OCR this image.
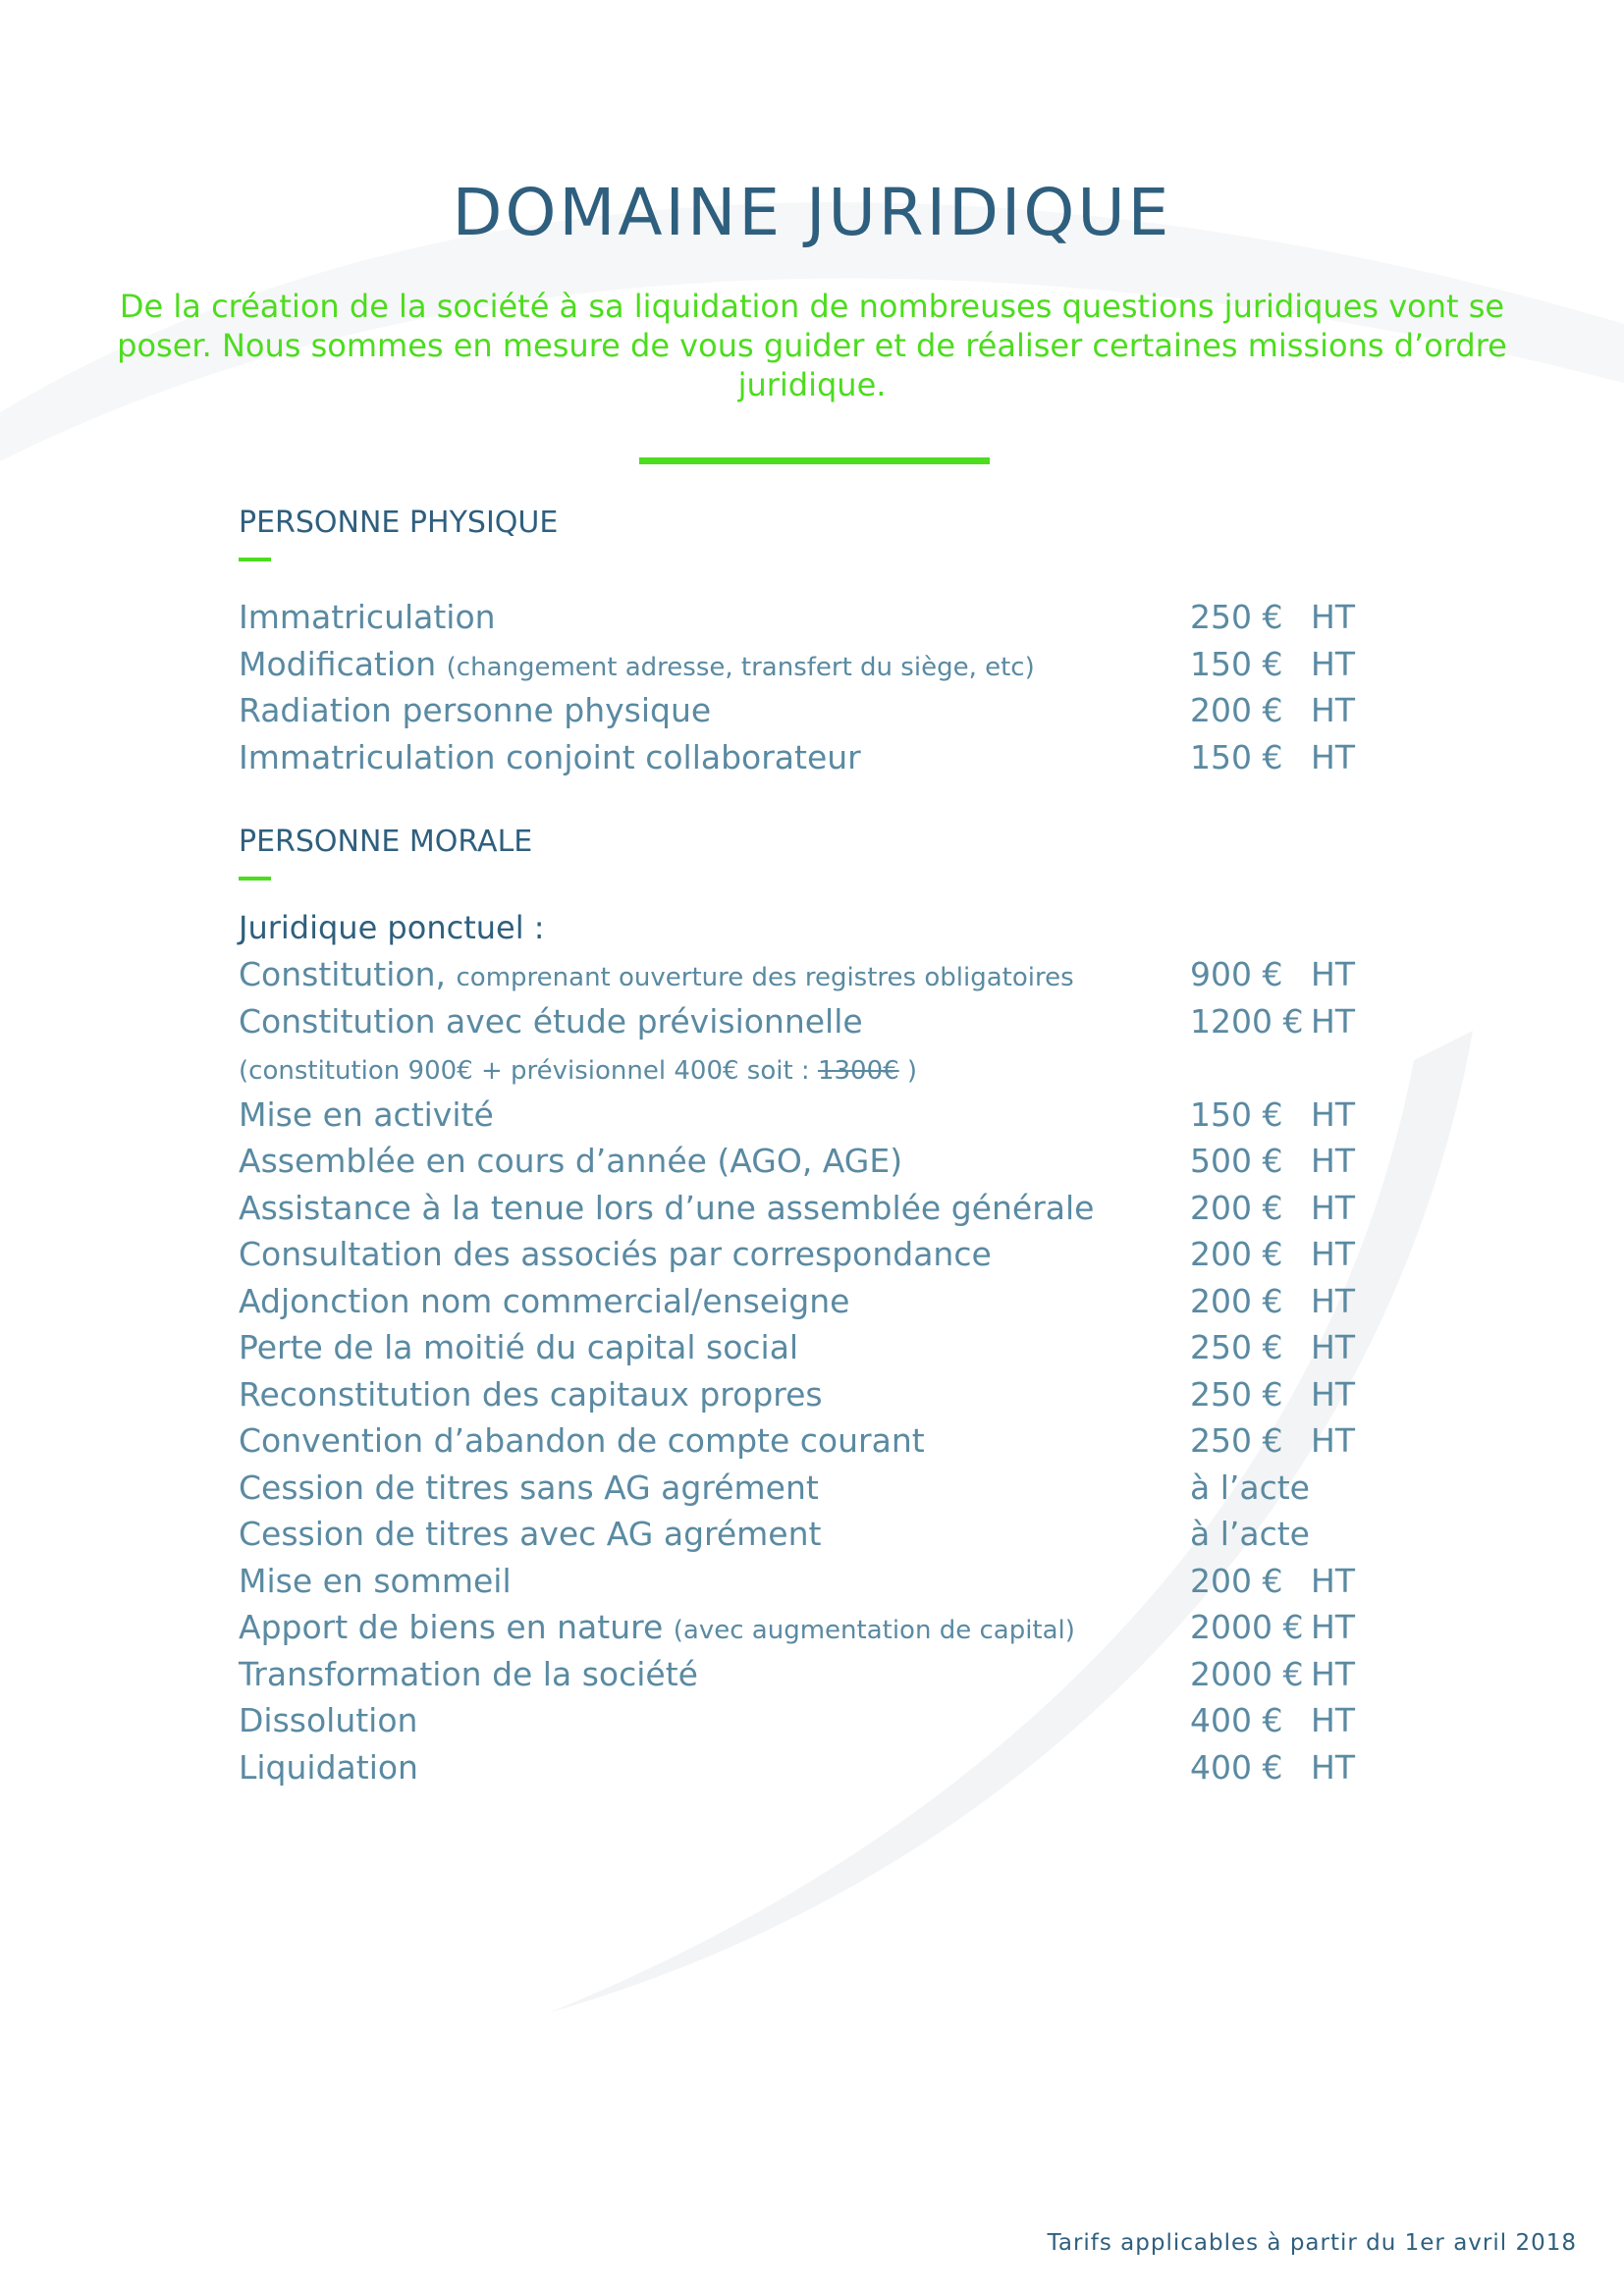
DOMAINE JURIDIQUE

De la création de la société à sa liquidation de nombreuses questions juridiques vont se poser. Nous sommes en mesure de vous guider et de réaliser certaines missions d’ordre juridique.

PERSONNE PHYSIQUE
Immatriculation	250 € HT
Modification (changement adresse, transfert du siège, etc)	150 € HT
Radiation personne physique	200 € HT
Immatriculation conjoint collaborateur	150 € HT
PERSONNE MORALE
Juridique ponctuel :
Constitution, comprenant ouverture des registres obligatoires	900 € HT
Constitution avec étude prévisionnelle	1200 € HT
(constitution 900€ + prévisionnel 400€ soit : 1300€ )
Mise en activité	150 € HT
Assemblée en cours d’année (AGO, AGE)	500 € HT
Assistance à la tenue lors d’une assemblée générale	200 € HT
Consultation des associés par correspondance	200 € HT
Adjonction nom commercial/enseigne	200 € HT
Perte de la moitié du capital social	250 € HT
Reconstitution des capitaux propres	250 € HT
Convention d’abandon de compte courant	250 € HT
Cession de titres sans AG agrément	à l’acte
Cession de titres avec AG agrément	à l’acte
Mise en sommeil	200 € HT
Apport de biens en nature (avec augmentation de capital)	2000 € HT
Transformation de la société	2000 € HT
Dissolution	400 € HT
Liquidation	400 € HT
Tarifs applicables à partir du 1er avril 2018
